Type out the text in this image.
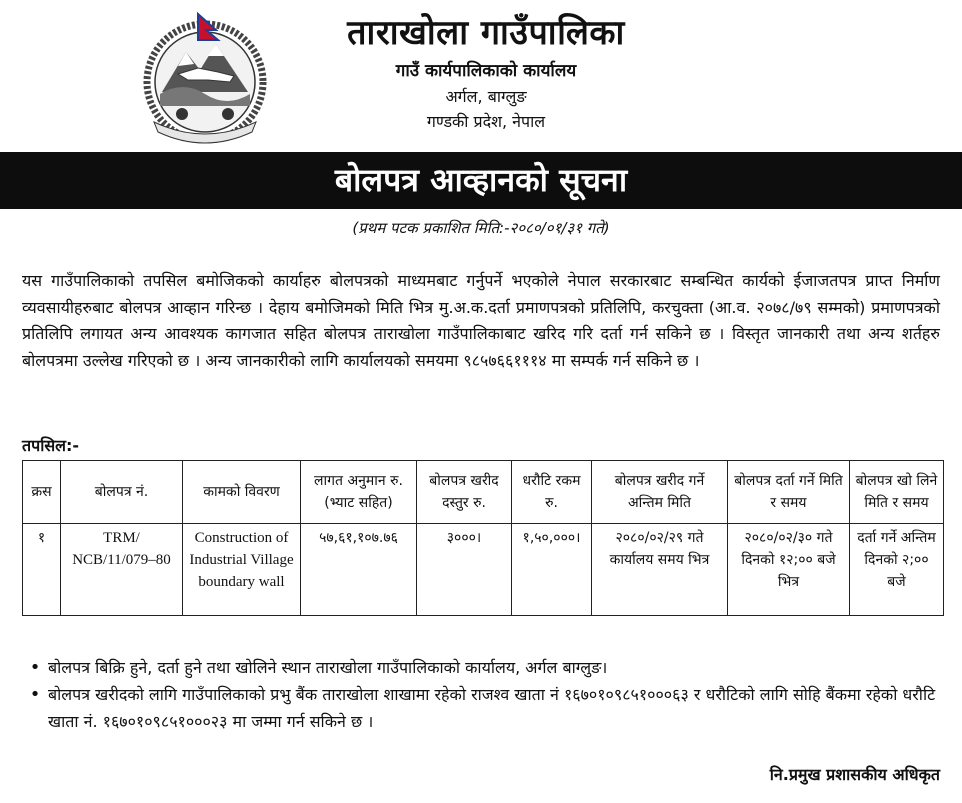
ताराखोला गाउँपालिका
गाउँ कार्यपालिकाको कार्यालय
अर्गल, बाग्लुङ
गण्डकी प्रदेश, नेपाल
बोलपत्र आव्हानको सूचना
(प्रथम पटक प्रकाशित मिति:-२०८०/०१/३१ गते)
यस गाउँपालिकाको तपसिल बमोजिकको कार्याहरु बोलपत्रको माध्यमबाट गर्नुपर्ने भएकोले नेपाल सरकारबाट सम्बन्धित कार्यको ईजाजतपत्र प्राप्त निर्माण व्यवसायीहरुबाट बोलपत्र आव्हान गरिन्छ । देहाय बमोजिमको मिति भित्र मु.अ.क.दर्ता प्रमाणपत्रको प्रतिलिपि, करचुक्ता (आ.व. २०७८/७९ सम्मको) प्रमाणपत्रको प्रतिलिपि लगायत अन्य आवश्यक कागजात सहित बोलपत्र ताराखोला गाउँपालिकाबाट खरिद गरि दर्ता गर्न सकिने छ । विस्तृत जानकारी तथा अन्य शर्तहरु बोलपत्रमा उल्लेख गरिएको छ । अन्य जानकारीको लागि कार्यालयको समयमा ९८५७६६१११४ मा सम्पर्क गर्न सकिने छ ।
तपसिल:-
क्रस	बोलपत्र नं.	कामको विवरण	लागत अनुमान रु. (भ्याट सहित)	बोलपत्र खरीद दस्तुर रु.	धरौटि रकम रु.	बोलपत्र खरीद गर्ने अन्तिम मिति	बोलपत्र दर्ता गर्ने मिति र समय	बोलपत्र खो लिने मिति र समय
१	TRM/ NCB/11/079–80	Construction of Industrial Village boundary wall	५७,६१,१०७.७६	३०००।	१,५०,०००।	२०८०/०२/२९ गते कार्यालय समय भित्र	२०८०/०२/३० गते दिनको १२;०० बजे भित्र	दर्ता गर्ने अन्तिम दिनको २;०० बजे
• बोलपत्र बिक्रि हुने, दर्ता हुने तथा खोलिने स्थान ताराखोला गाउँपालिकाको कार्यालय, अर्गल बाग्लुङ।
• बोलपत्र खरीदको लागि गाउँपालिकाको प्रभु बैंक ताराखोला शाखामा रहेको राजश्व खाता नं १६७०१०९८५१०००६३ र धरौटिको लागि सोहि बैंकमा रहेको धरौटि खाता नं. १६७०१०९८५१०००२३ मा जम्मा गर्न सकिने छ ।
नि.प्रमुख प्रशासकीय अधिकृत
